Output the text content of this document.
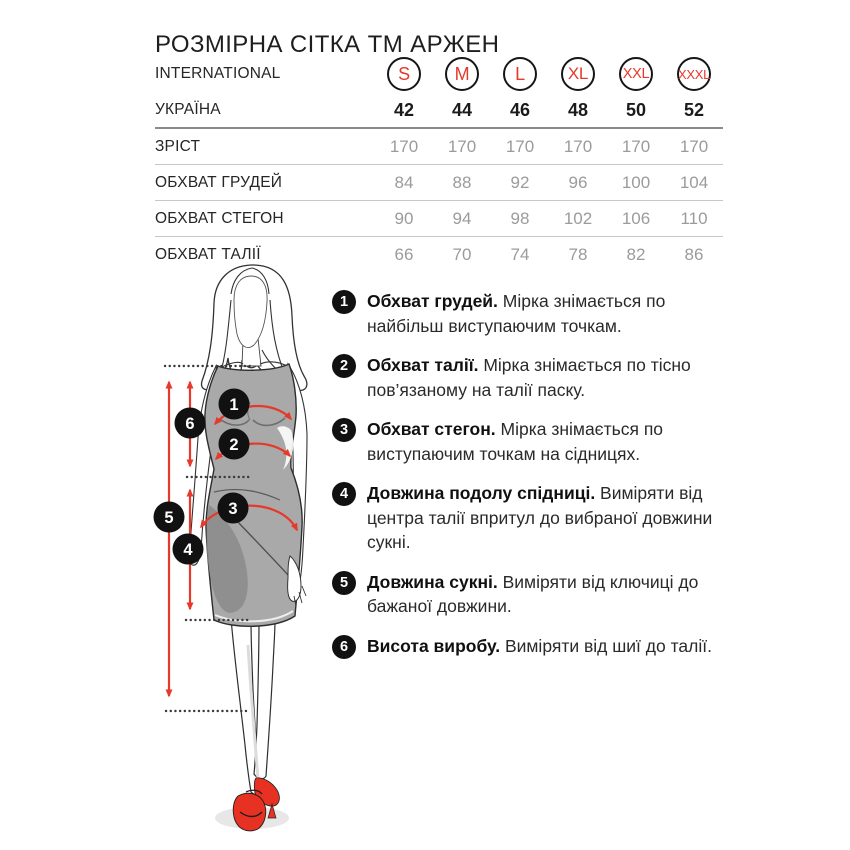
РОЗМІРНА СІТКА ТМ АРЖЕН
INTERNATIONAL	S	M	L	XL	XXL XXXL
УКРАЇНА	42	44	46	48	50	52
ЗРІСТ	170	170	170	170	170	170
ОБХВАТ ГРУДЕЙ	84	88	92	96	100	104
ОБХВАТ СТЕГОН	90	94	98	102	106	110
ОБХВАТ ТАЛІЇ	66	70	74	78	82	86
1
2
3
4
5
6
1	Обхват грудей. Мірка знімається по найбільш виступаючим точкам.

2	Обхват талії. Мірка знімається по тісно пов’язаному на талії паску.

3	Обхват стегон. Мірка знімається по виступаючим точкам на сідницях.

4	Довжина подолу спідниці. Виміряти від центра талії впритул до вибраної довжини сукні.

5	Довжина сукні. Виміряти від ключиці до бажаної довжини.

6	Висота виробу. Виміряти від шиї до талії.
